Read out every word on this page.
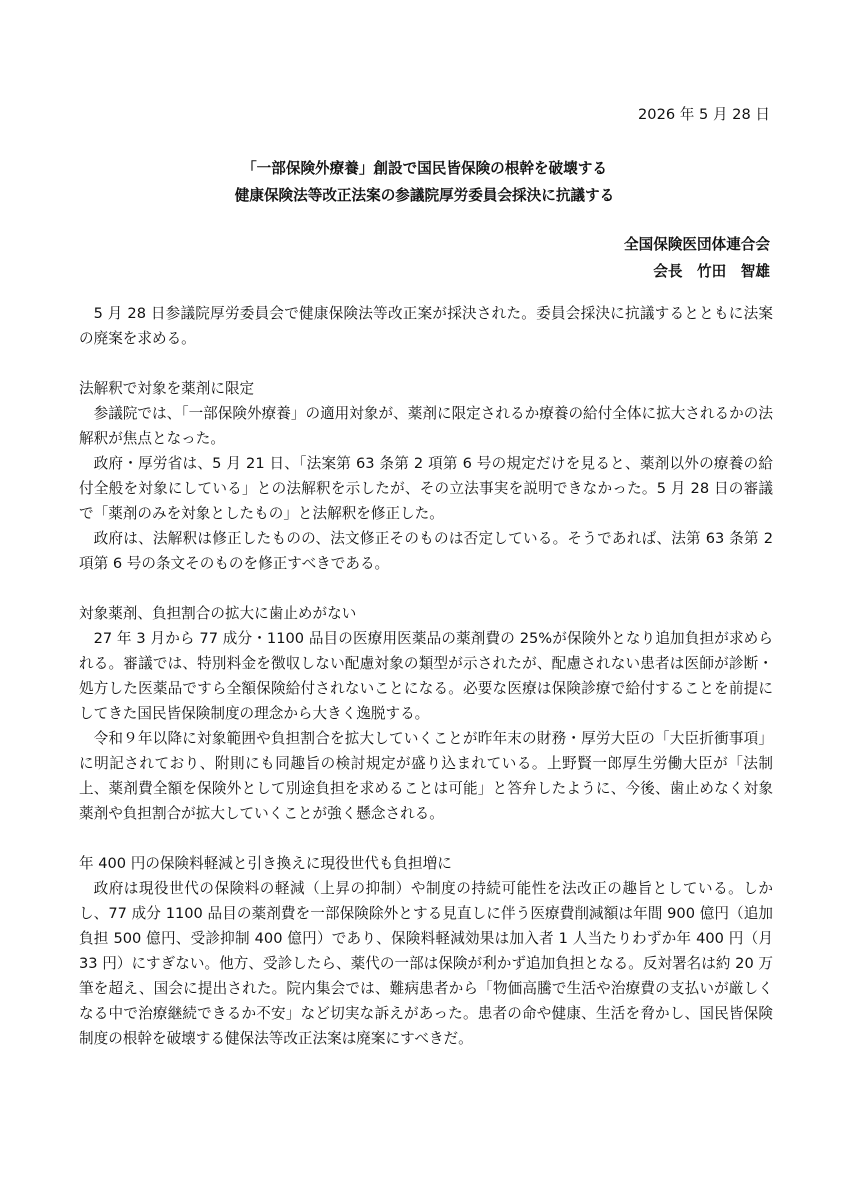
2026 年 5 月 28 日
「一部保険外療養」創設で国民皆保険の根幹を破壊する
健康保険法等改正法案の参議院厚労委員会採決に抗議する
全国保険医団体連合会
会長　竹田　智雄

5 月 28 日参議院厚労委員会で健康保険法等改正案が採決された。委員会採決に抗議するとともに法案の廃案を求める。

法解釈で対象を薬剤に限定

参議院では、「一部保険外療養」の適用対象が、薬剤に限定されるか療養の給付全体に拡大されるかの法解釈が焦点となった。

政府・厚労省は、5 月 21 日、「法案第 63 条第 2 項第 6 号の規定だけを見ると、薬剤以外の療養の給付全般を対象にしている」との法解釈を示したが、その立法事実を説明できなかった。5 月 28 日の審議で「薬剤のみを対象としたもの」と法解釈を修正した。

政府は、法解釈は修正したものの、法文修正そのものは否定している。そうであれば、法第 63 条第 2 項第 6 号の条文そのものを修正すべきである。

対象薬剤、負担割合の拡大に歯止めがない

27 年 3 月から 77 成分・1100 品目の医療用医薬品の薬剤費の 25%が保険外となり追加負担が求められる。審議では、特別料金を徴収しない配慮対象の類型が示されたが、配慮されない患者は医師が診断・処方した医薬品ですら全額保険給付されないことになる。必要な医療は保険診療で給付することを前提にしてきた国民皆保険制度の理念から大きく逸脱する。

令和９年以降に対象範囲や負担割合を拡大していくことが昨年末の財務・厚労大臣の「大臣折衝事項」に明記されており、附則にも同趣旨の検討規定が盛り込まれている。上野賢一郎厚生労働大臣が「法制上、薬剤費全額を保険外として別途負担を求めることは可能」と答弁したように、今後、歯止めなく対象薬剤や負担割合が拡大していくことが強く懸念される。

年 400 円の保険料軽減と引き換えに現役世代も負担増に

政府は現役世代の保険料の軽減（上昇の抑制）や制度の持続可能性を法改正の趣旨としている。しかし、77 成分 1100 品目の薬剤費を一部保険除外とする見直しに伴う医療費削減額は年間 900 億円（追加負担 500 億円、受診抑制 400 億円）であり、保険料軽減効果は加入者 1 人当たりわずか年 400 円（月 33 円）にすぎない。他方、受診したら、薬代の一部は保険が利かず追加負担となる。反対署名は約 20 万筆を超え、国会に提出された。院内集会では、難病患者から「物価高騰で生活や治療費の支払いが厳しくなる中で治療継続できるか不安」など切実な訴えがあった。患者の命や健康、生活を脅かし、国民皆保険制度の根幹を破壊する健保法等改正法案は廃案にすべきだ。
